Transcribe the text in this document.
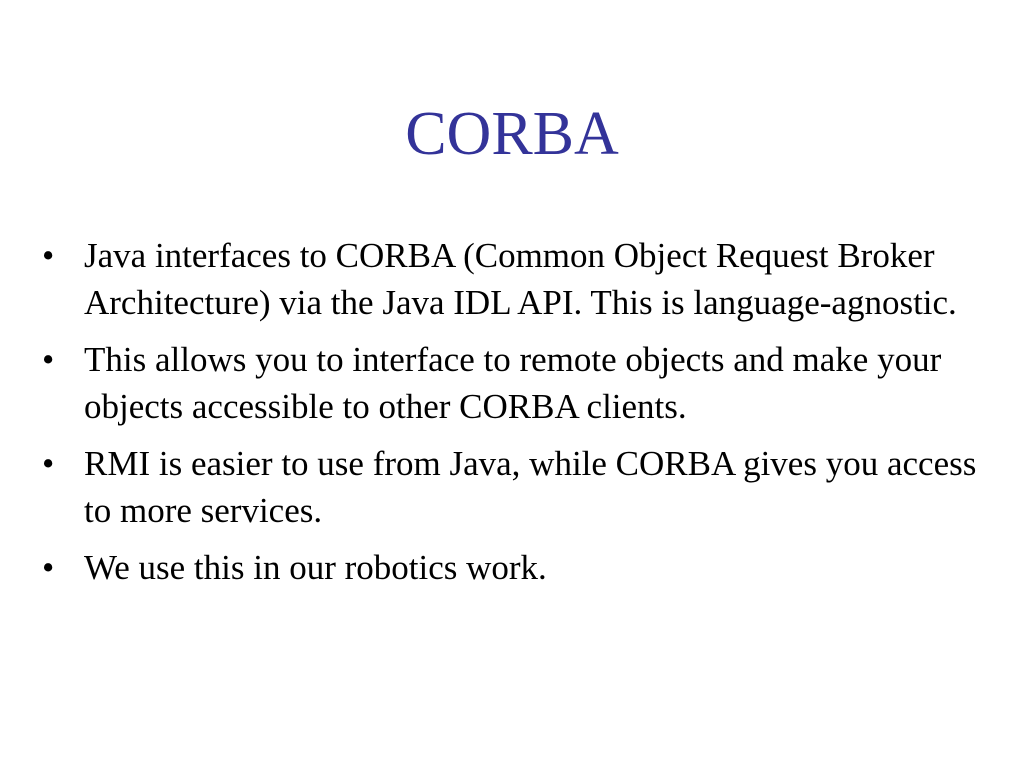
CORBA
• Java interfaces to CORBA (Common Object Request Broker Architecture) via the Java IDL API. This is language-agnostic.
• This allows you to interface to remote objects and make your objects accessible to other CORBA clients.
• RMI is easier to use from Java, while CORBA gives you access to more services.
• We use this in our robotics work.
